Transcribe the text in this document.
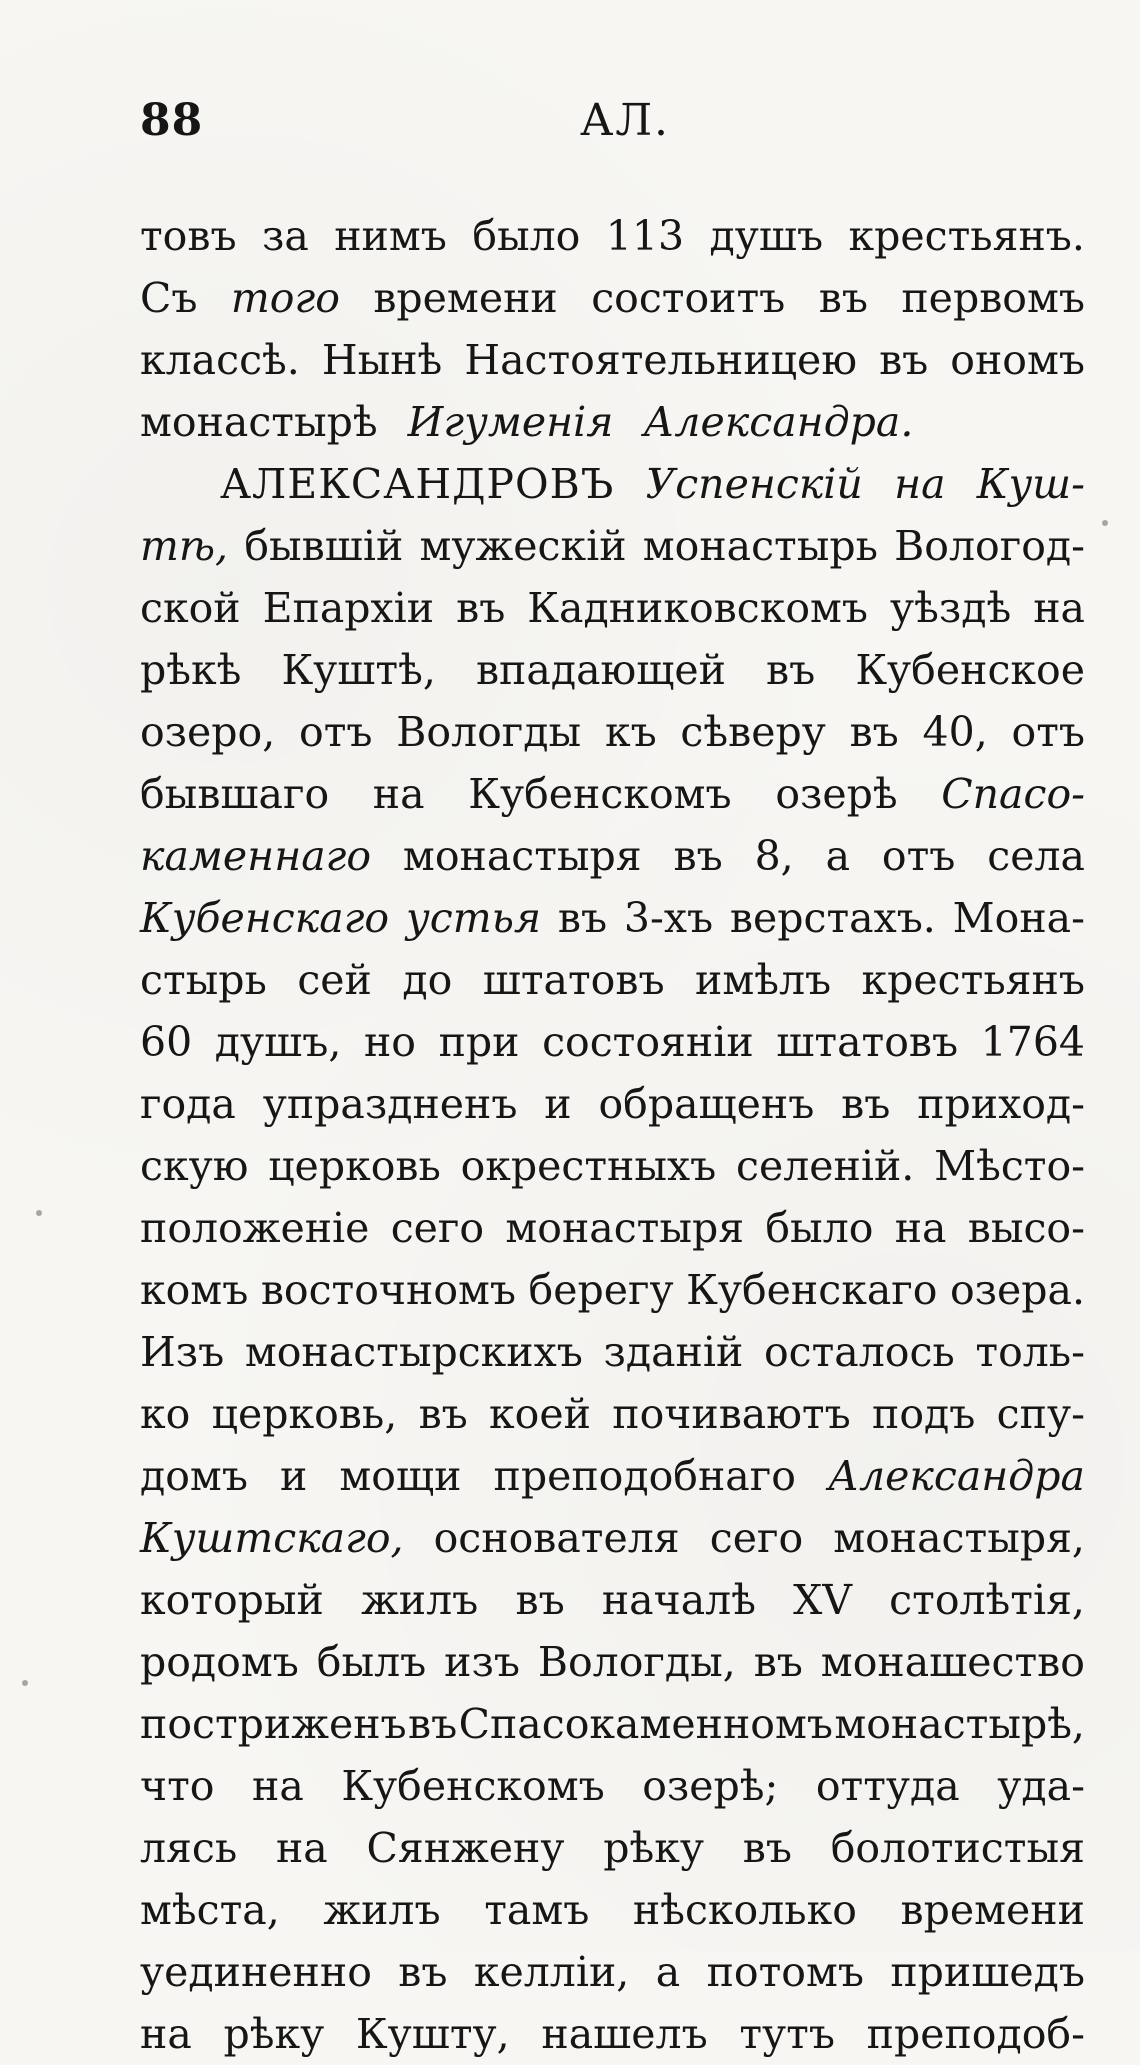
88	АЛ.
товъ за нимъ было 113 душъ крестьянъ.
Съ того времени состоитъ въ первомъ
классѣ. Нынѣ Настоятельницею въ ономъ
монастырѣ Игуменія Александра.
АЛЕКСАНДРОВЪ Успенскій на Куш-
тѣ, бывшій мужескій монастырь Вологод-
ской Епархіи въ Кадниковскомъ уѣздѣ на
рѣкѣ Куштѣ, впадающей въ Кубенское
озеро, отъ Вологды къ сѣверу въ 40, отъ
бывшаго на Кубенскомъ озерѣ Спасо-
каменнаго монастыря въ 8, а отъ села
Кубенскаго устья въ 3-хъ верстахъ. Мона-
стырь сей до штатовъ имѣлъ крестьянъ
60 душъ, но при состояніи штатовъ 1764
года упраздненъ и обращенъ въ приход-
скую церковь окрестныхъ селеній. Мѣсто-
положеніе сего монастыря было на высо-
комъ восточномъ берегу Кубенскаго озера.
Изъ монастырскихъ зданій осталось толь-
ко церковь, въ коей почиваютъ подъ спу-
домъ и мощи преподобнаго Александра
Куштскаго, основателя сего монастыря,
который жилъ въ началѣ XV столѣтія,
родомъ былъ изъ Вологды, въ монашество
постриженъ въ Спасокаменномъ монастырѣ,
что на Кубенскомъ озерѣ; оттуда уда-
лясь на Сянжену рѣку въ болотистыя
мѣста, жилъ тамъ нѣсколько времени
уединенно въ келліи, а потомъ пришедъ
на рѣку Кушту, нашелъ тутъ преподоб-
